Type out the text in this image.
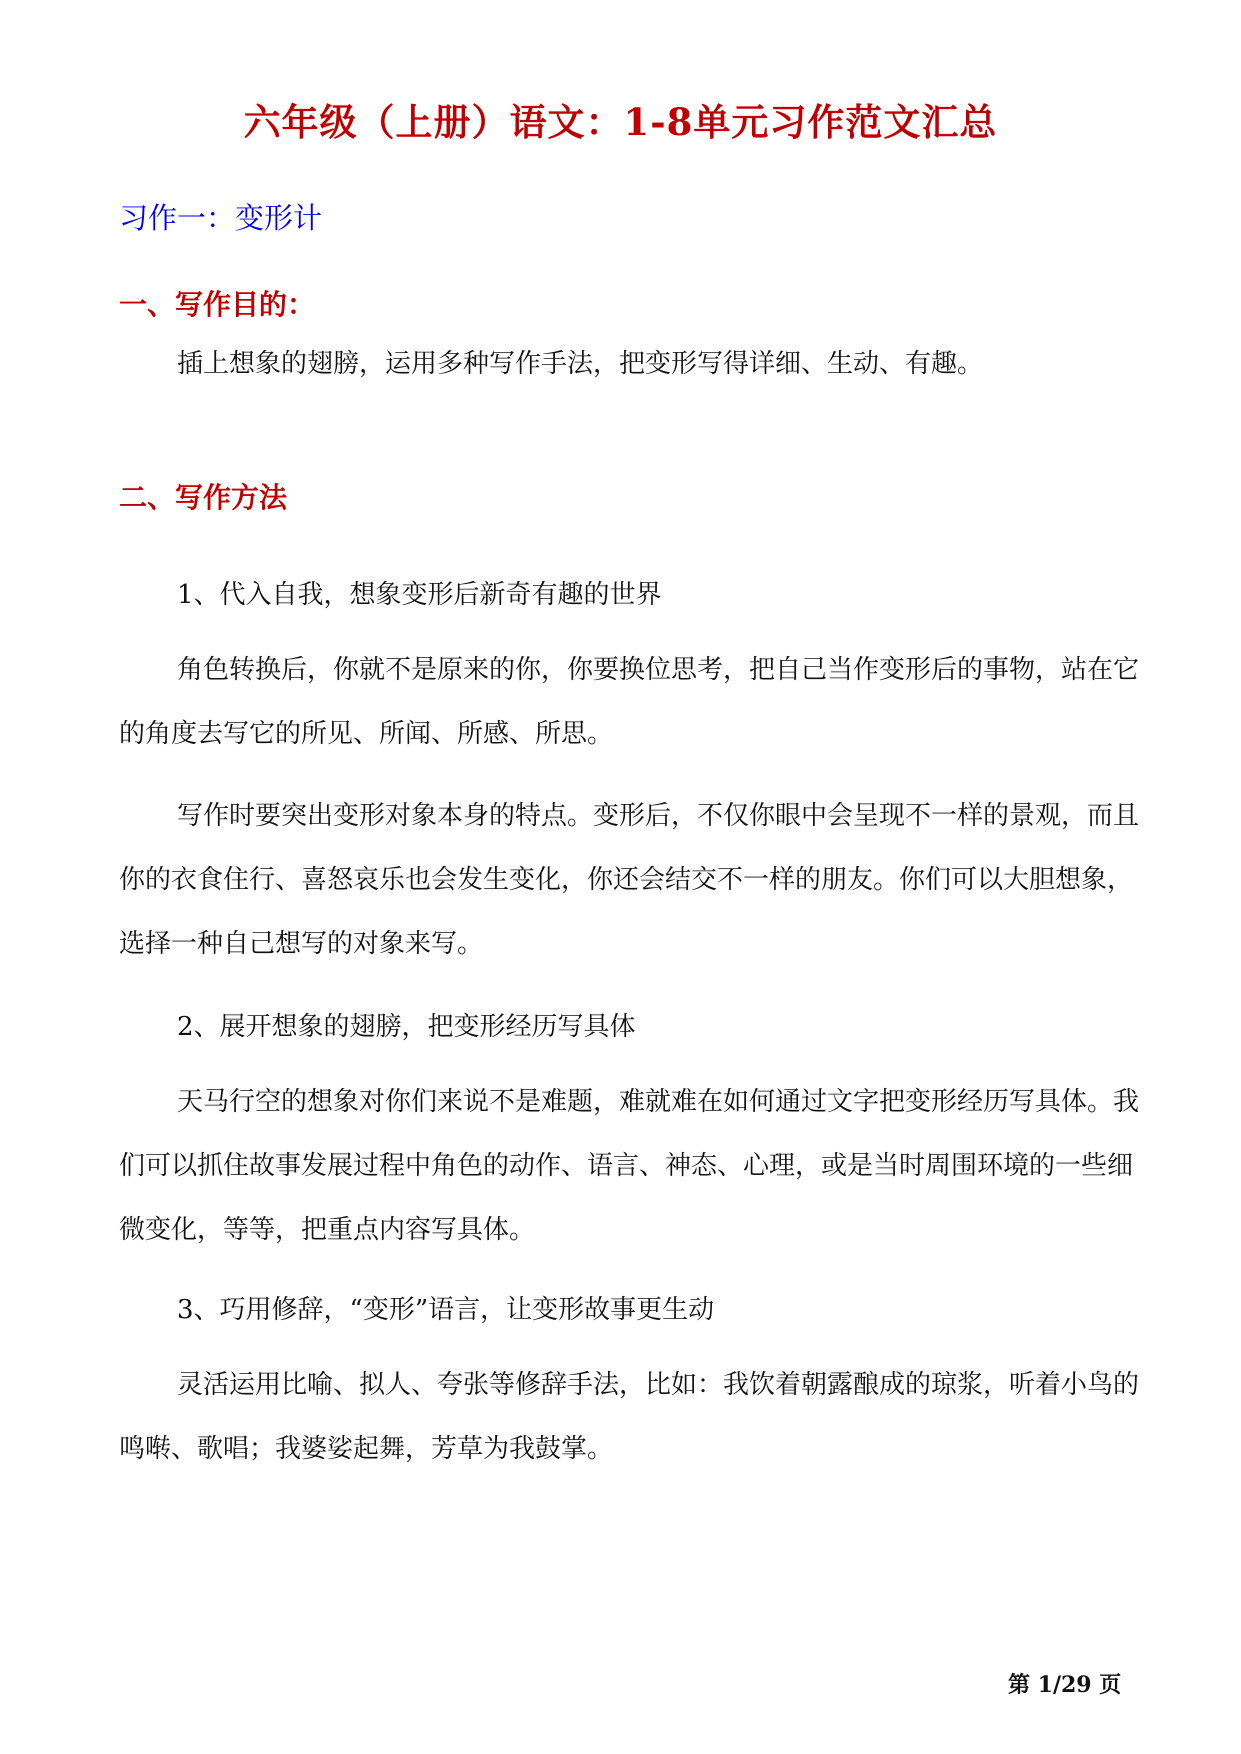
六年级（上册）语文：1-8单元习作范文汇总
习作一：变形计
一、写作目的：
插上想象的翅膀，运用多种写作手法，把变形写得详细、生动、有趣。
二、写作方法
1、代入自我，想象变形后新奇有趣的世界
角色转换后，你就不是原来的你，你要换位思考，把自己当作变形后的事物，站在它的角度去写它的所见、所闻、所感、所思。
写作时要突出变形对象本身的特点。变形后，不仅你眼中会呈现不一样的景观，而且你的衣食住行、喜怒哀乐也会发生变化，你还会结交不一样的朋友。你们可以大胆想象，选择一种自己想写的对象来写。
2、展开想象的翅膀，把变形经历写具体
天马行空的想象对你们来说不是难题，难就难在如何通过文字把变形经历写具体。我们可以抓住故事发展过程中角色的动作、语言、神态、心理，或是当时周围环境的一些细微变化，等等，把重点内容写具体。
3、巧用修辞，“变形”语言，让变形故事更生动
灵活运用比喻、拟人、夸张等修辞手法，比如：我饮着朝露酿成的琼浆，听着小鸟的鸣啭、歌唱；我婆娑起舞，芳草为我鼓掌。
第 1/29 页
